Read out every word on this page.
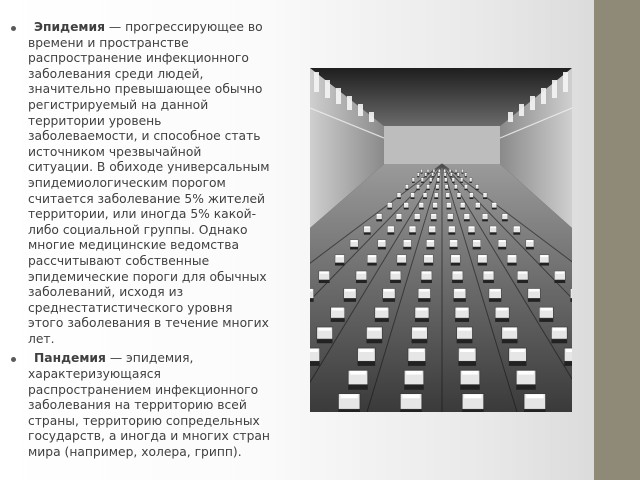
Эпидемия — прогрессирующее во времени и пространстве распространение инфекционного заболевания среди людей, значительно превышающее обычно регистрируемый на данной территории уровень заболеваемости, и способное стать источником чрезвычайной ситуации. В обиходе универсальным эпидемиологическим порогом считается заболевание 5% жителей территории, или иногда 5% какой-либо социальной группы. Однако многие медицинские ведомства рассчитывают собственные эпидемические пороги для обычных заболеваний, исходя из среднестатистического уровня этого заболевания в течение многих лет.
Пандемия — эпидемия, характеризующаяся распространением инфекционного заболевания на территорию всей страны, территорию сопредельных государств, а иногда и многих стран мира (например, холера, грипп).
